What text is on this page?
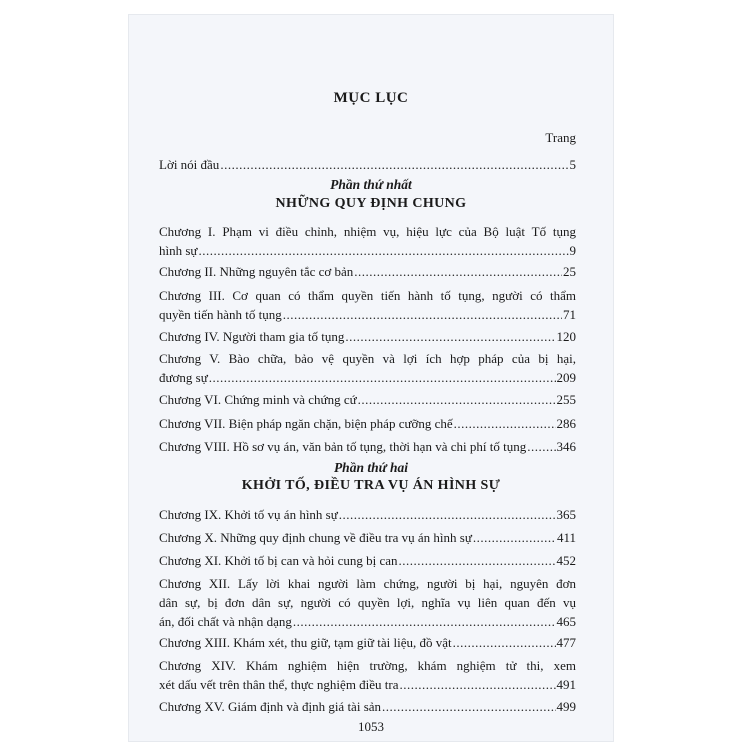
MỤC LỤC
Trang
Lời nói đầu .....	5
Phần thứ nhất
NHỮNG QUY ĐỊNH CHUNG
Chương I. Phạm vi điều chỉnh, nhiệm vụ, hiệu lực của Bộ luật Tố tụng
hình sự .....	9
Chương II. Những nguyên tắc cơ bản .....	25
Chương III. Cơ quan có thẩm quyền tiến hành tố tụng, người có thẩm
quyền tiến hành tố tụng .....	71
Chương IV. Người tham gia tố tụng .....	120
Chương V. Bào chữa, bảo vệ quyền và lợi ích hợp pháp của bị hại,
đương sự .....	209
Chương VI. Chứng minh và chứng cứ .....	255
Chương VII. Biện pháp ngăn chặn, biện pháp cưỡng chế .....	286
Chương VIII. Hồ sơ vụ án, văn bản tố tụng, thời hạn và chi phí tố tụng ..... 346
Phần thứ hai
KHỞI TỐ, ĐIỀU TRA VỤ ÁN HÌNH SỰ
Chương IX. Khởi tố vụ án hình sự .....	365
Chương X. Những quy định chung về điều tra vụ án hình sự .....	411
Chương XI. Khởi tố bị can và hỏi cung bị can .....	452
Chương XII. Lấy lời khai người làm chứng, người bị hại, nguyên đơn
dân sự, bị đơn dân sự, người có quyền lợi, nghĩa vụ liên quan đến vụ
án, đối chất và nhận dạng .....	465
Chương XIII. Khám xét, thu giữ, tạm giữ tài liệu, đồ vật .....	477
Chương XIV. Khám nghiệm hiện trường, khám nghiệm tử thi, xem
xét dấu vết trên thân thể, thực nghiệm điều tra .....	491
Chương XV. Giám định và định giá tài sản .....	499
1053
